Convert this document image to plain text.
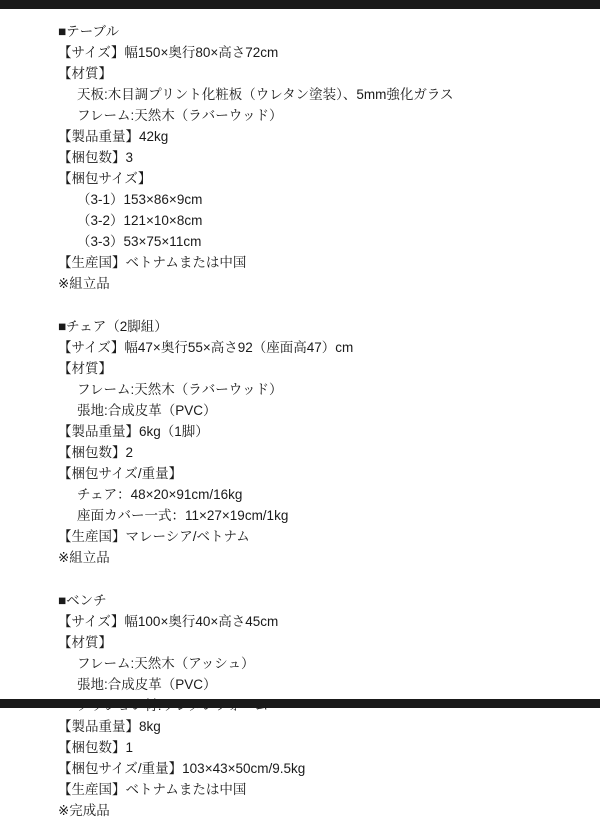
■テーブル
【サイズ】幅150×奥行80×高さ72cm
【材質】
天板:木目調プリント化粧板（ウレタン塗装）、5mm強化ガラス
フレーム:天然木（ラバーウッド）
【製品重量】42kg
【梱包数】3
【梱包サイズ】
（3-1）153×86×9cm
（3-2）121×10×8cm
（3-3）53×75×11cm
【生産国】ベトナムまたは中国
※組立品
■チェア（2脚組）
【サイズ】幅47×奥行55×高さ92（座面高47）cm
【材質】
フレーム:天然木（ラバーウッド）
張地:合成皮革（PVC）
【製品重量】6kg（1脚）
【梱包数】2
【梱包サイズ/重量】
チェア：48×20×91cm/16kg
座面カバー一式：11×27×19cm/1kg
【生産国】マレーシア/ベトナム
※組立品
■ベンチ
【サイズ】幅100×奥行40×高さ45cm
【材質】
フレーム:天然木（アッシュ）
張地:合成皮革（PVC）
【製品重量】8kg
【梱包数】1
【梱包サイズ/重量】103×43×50cm/9.5kg
【生産国】ベトナムまたは中国
※完成品
